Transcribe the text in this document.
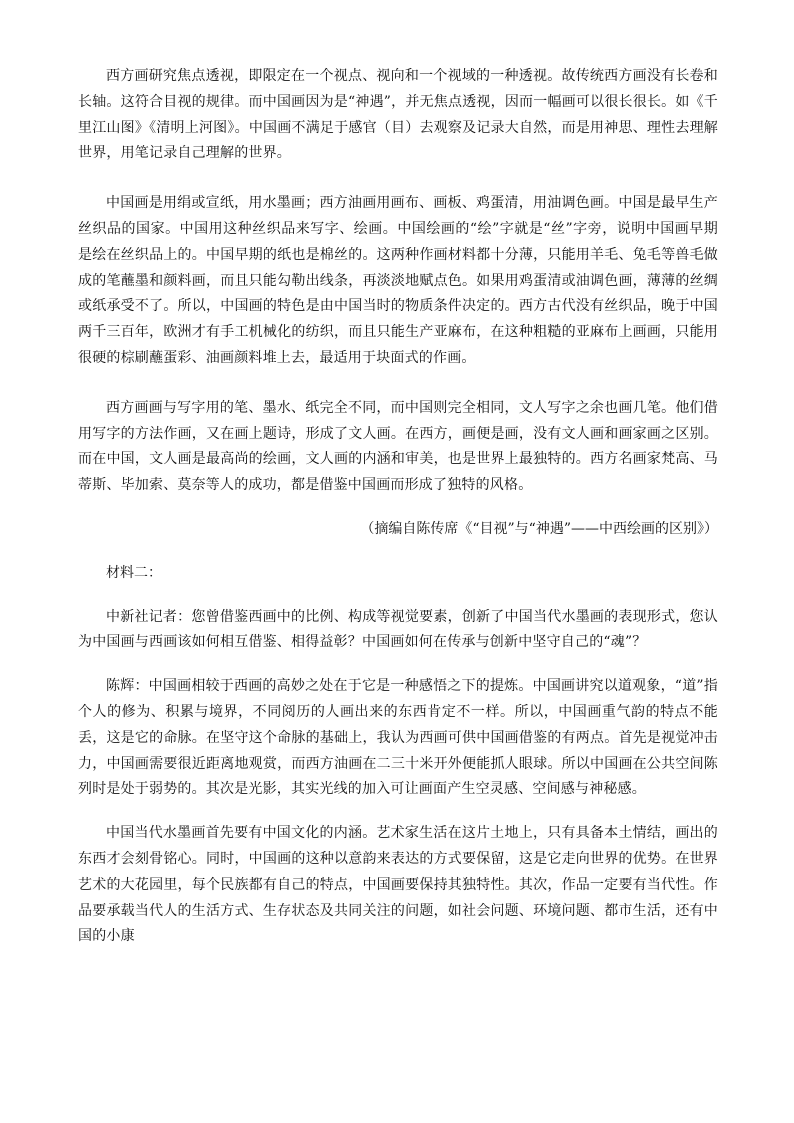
西方画研究焦点透视，即限定在一个视点、视向和一个视域的一种透视。故传统西方画没有长卷和长轴。这符合目视的规律。而中国画因为是“神遇”，并无焦点透视，因而一幅画可以很长很长。如《千里江山图》《清明上河图》。中国画不满足于感官（目）去观察及记录大自然，而是用神思、理性去理解世界，用笔记录自己理解的世界。

中国画是用绢或宣纸，用水墨画；西方油画用画布、画板、鸡蛋清，用油调色画。中国是最早生产丝织品的国家。中国用这种丝织品来写字、绘画。中国绘画的“绘”字就是“丝”字旁，说明中国画早期是绘在丝织品上的。中国早期的纸也是棉丝的。这两种作画材料都十分薄，只能用羊毛、兔毛等兽毛做成的笔蘸墨和颜料画，而且只能勾勒出线条，再淡淡地赋点色。如果用鸡蛋清或油调色画，薄薄的丝绸或纸承受不了。所以，中国画的特色是由中国当时的物质条件决定的。西方古代没有丝织品，晚于中国两千三百年，欧洲才有手工机械化的纺织，而且只能生产亚麻布，在这种粗糙的亚麻布上画画，只能用很硬的棕刷蘸蛋彩、油画颜料堆上去，最适用于块面式的作画。

西方画画与写字用的笔、墨水、纸完全不同，而中国则完全相同，文人写字之余也画几笔。他们借用写字的方法作画，又在画上题诗，形成了文人画。在西方，画便是画，没有文人画和画家画之区别。而在中国，文人画是最高尚的绘画，文人画的内涵和审美，也是世界上最独特的。西方名画家梵高、马蒂斯、毕加索、莫奈等人的成功，都是借鉴中国画而形成了独特的风格。

（摘编自陈传席《“目视”与“神遇”——中西绘画的区别》）

材料二：

中新社记者：您曾借鉴西画中的比例、构成等视觉要素，创新了中国当代水墨画的表现形式，您认为中国画与西画该如何相互借鉴、相得益彰？中国画如何在传承与创新中坚守自己的“魂”？

陈辉：中国画相较于西画的高妙之处在于它是一种感悟之下的提炼。中国画讲究以道观象，“道”指个人的修为、积累与境界，不同阅历的人画出来的东西肯定不一样。所以，中国画重气韵的特点不能丢，这是它的命脉。在坚守这个命脉的基础上，我认为西画可供中国画借鉴的有两点。首先是视觉冲击力，中国画需要很近距离地观赏，而西方油画在二三十米开外便能抓人眼球。所以中国画在公共空间陈列时是处于弱势的。其次是光影，其实光线的加入可让画面产生空灵感、空间感与神秘感。

中国当代水墨画首先要有中国文化的内涵。艺术家生活在这片土地上，只有具备本土情结，画出的东西才会刻骨铭心。同时，中国画的这种以意韵来表达的方式要保留，这是它走向世界的优势。在世界艺术的大花园里，每个民族都有自己的特点，中国画要保持其独特性。其次，作品一定要有当代性。作品要承载当代人的生活方式、生存状态及共同关注的问题，如社会问题、环境问题、都市生活，还有中国的小康
